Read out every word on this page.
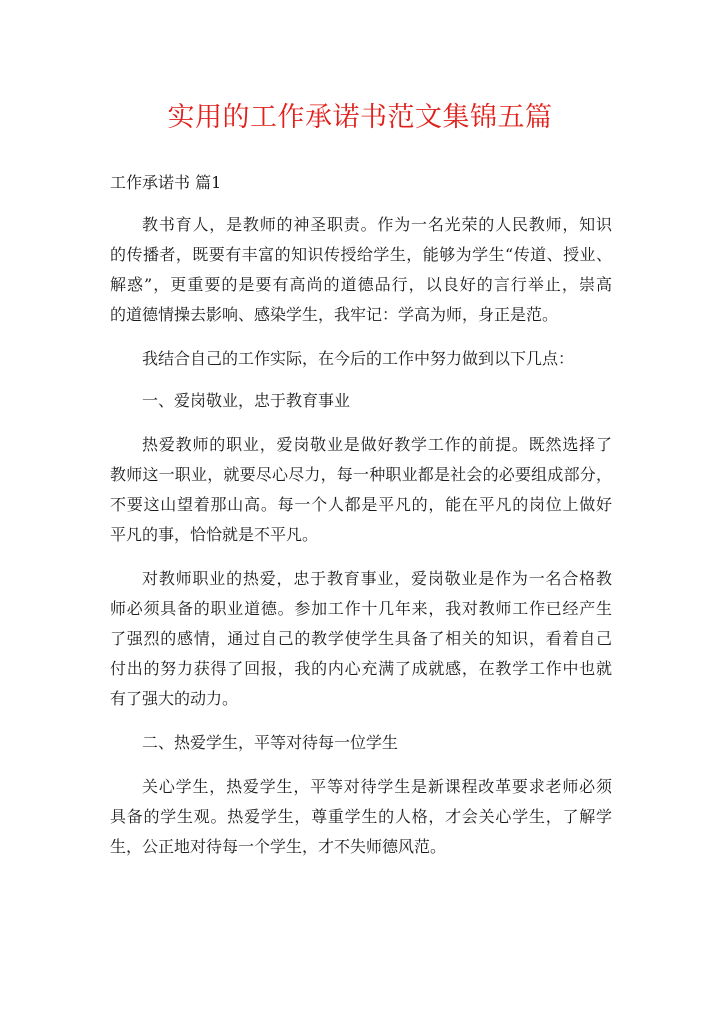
实用的工作承诺书范文集锦五篇
工作承诺书 篇1
教书育人，是教师的神圣职责。作为一名光荣的人民教师，知识
的传播者，既要有丰富的知识传授给学生，能够为学生“传道、授业、
解惑”，更重要的是要有高尚的道德品行，以良好的言行举止，崇高
的道德情操去影响、感染学生，我牢记：学高为师，身正是范。
我结合自己的工作实际，在今后的工作中努力做到以下几点：
一、爱岗敬业，忠于教育事业
热爱教师的职业，爱岗敬业是做好教学工作的前提。既然选择了
教师这一职业，就要尽心尽力，每一种职业都是社会的必要组成部分，
不要这山望着那山高。每一个人都是平凡的，能在平凡的岗位上做好
平凡的事，恰恰就是不平凡。
对教师职业的热爱，忠于教育事业，爱岗敬业是作为一名合格教
师必须具备的职业道德。参加工作十几年来，我对教师工作已经产生
了强烈的感情，通过自己的教学使学生具备了相关的知识，看着自己
付出的努力获得了回报，我的内心充满了成就感，在教学工作中也就
有了强大的动力。
二、热爱学生，平等对待每一位学生
关心学生，热爱学生，平等对待学生是新课程改革要求老师必须
具备的学生观。热爱学生，尊重学生的人格，才会关心学生，了解学
生，公正地对待每一个学生，才不失师德风范。
